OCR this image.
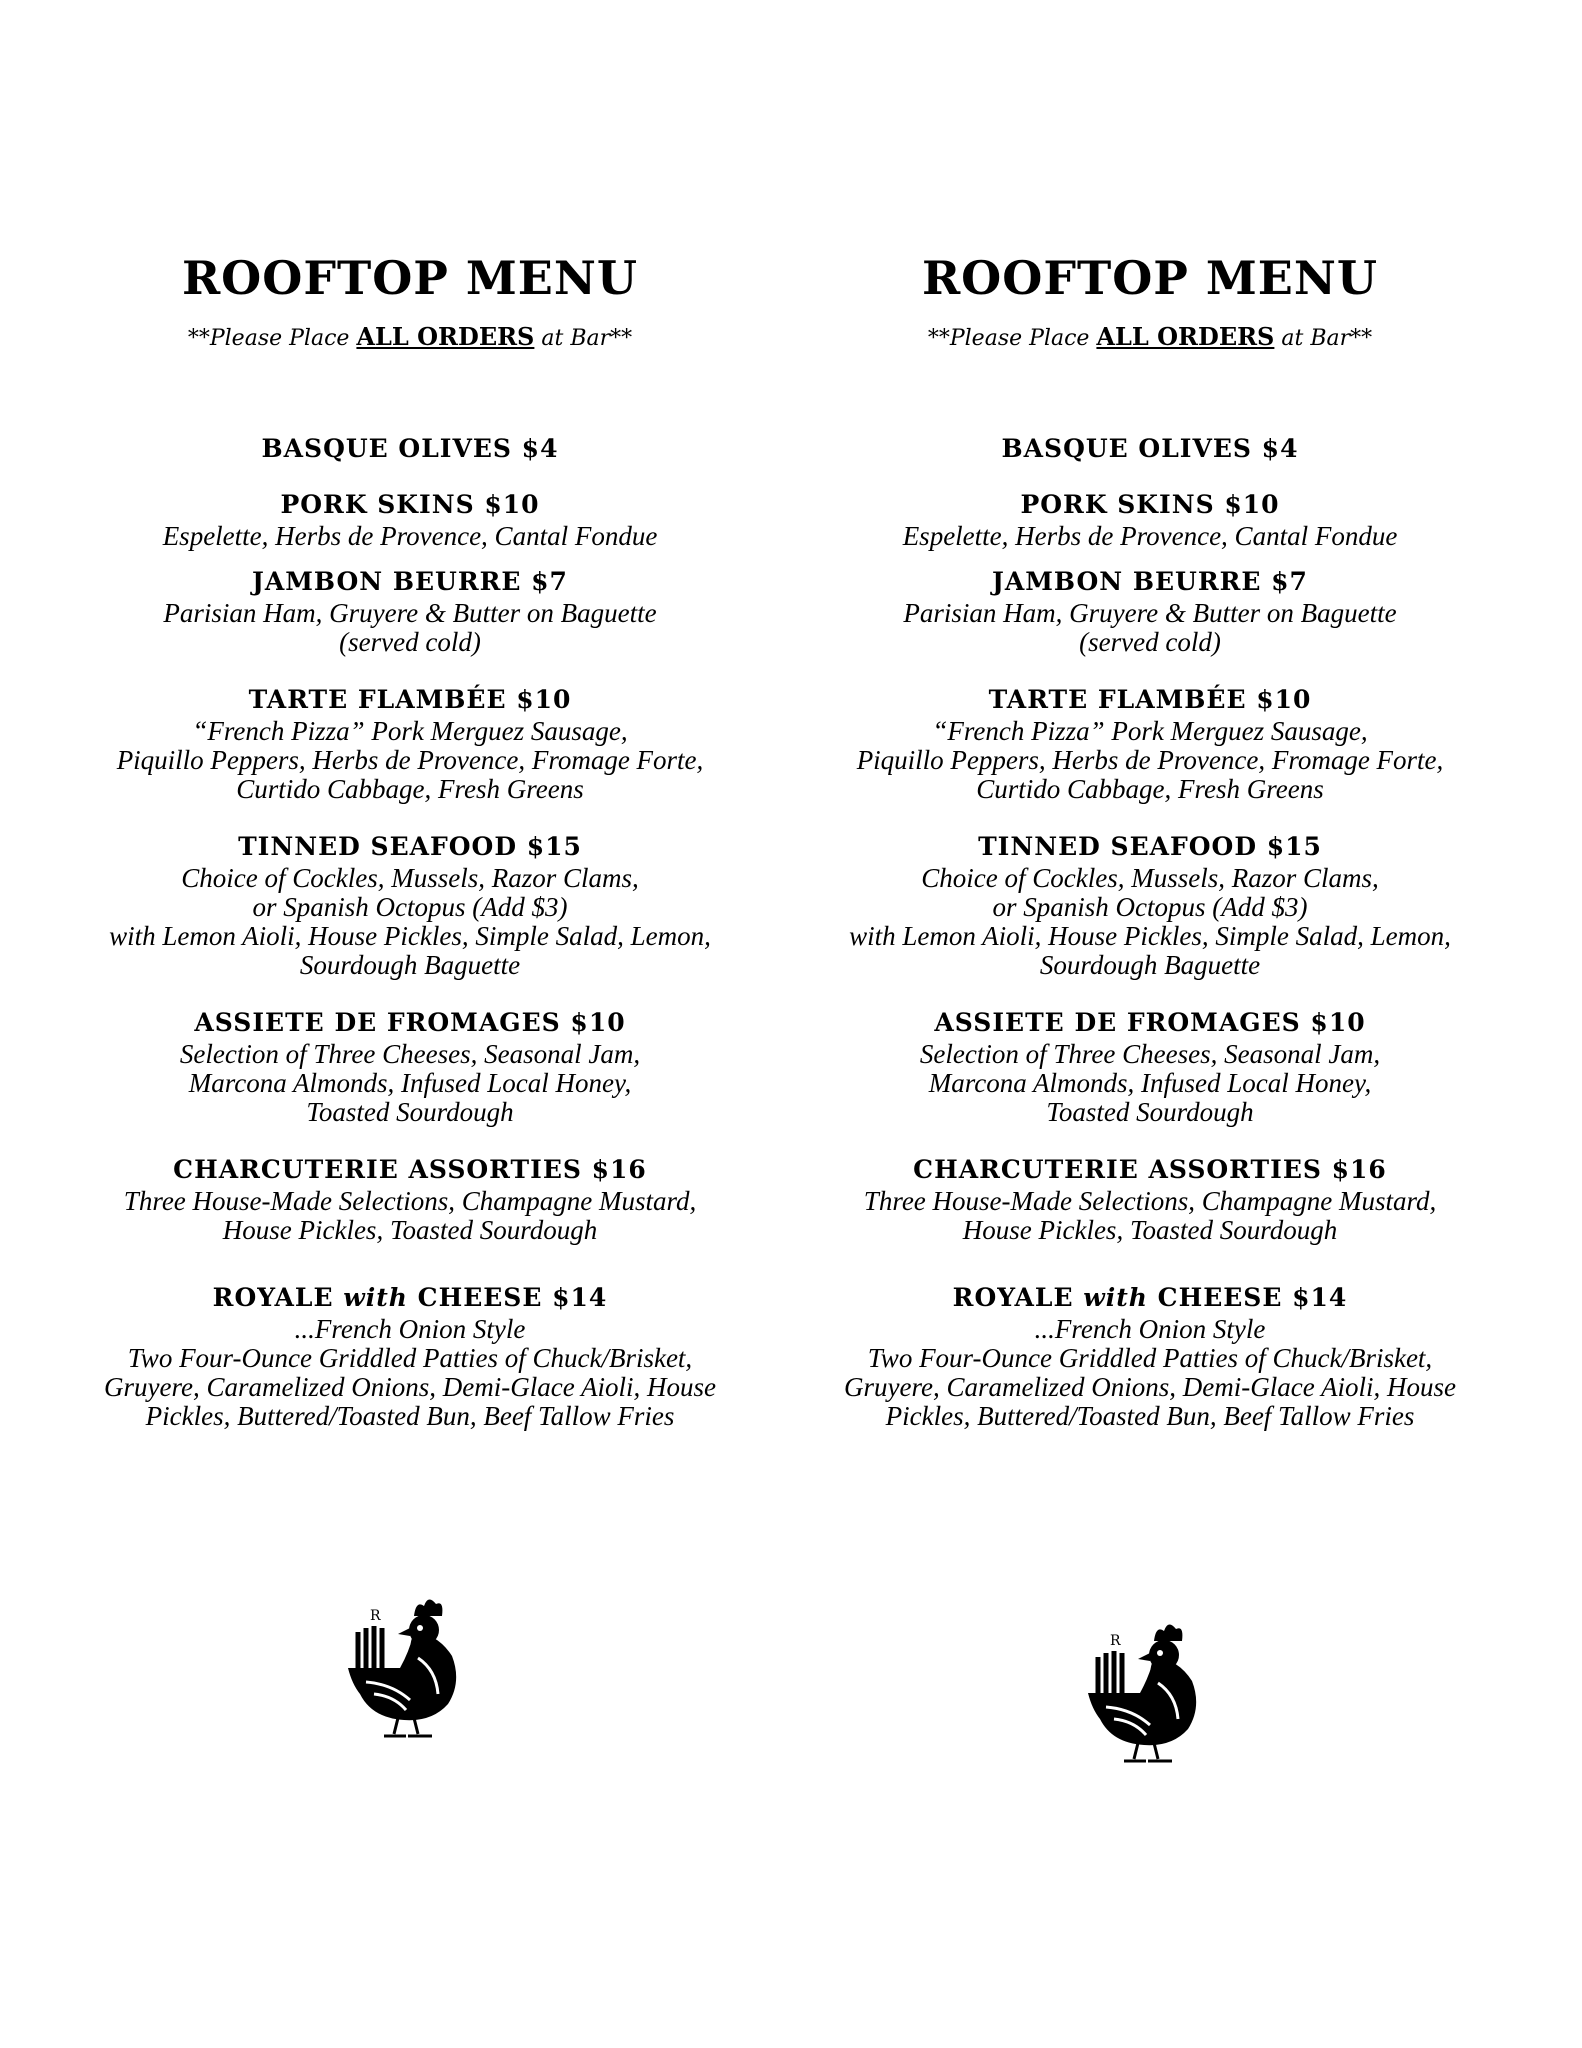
ROOFTOP MENU
**Please Place ALL ORDERS at Bar**
BASQUE OLIVES $4
PORK SKINS $10
Espelette, Herbs de Provence, Cantal Fondue
JAMBON BEURRE $7
Parisian Ham, Gruyere & Butter on Baguette
(served cold)
TARTE FLAMBÉE $10
“French Pizza” Pork Merguez Sausage,
Piquillo Peppers, Herbs de Provence, Fromage Forte,
Curtido Cabbage, Fresh Greens
TINNED SEAFOOD $15
Choice of Cockles, Mussels, Razor Clams,
or Spanish Octopus (Add $3)
with Lemon Aioli, House Pickles, Simple Salad, Lemon,
Sourdough Baguette
ASSIETE DE FROMAGES $10
Selection of Three Cheeses, Seasonal Jam,
Marcona Almonds, Infused Local Honey,
Toasted Sourdough
CHARCUTERIE ASSORTIES $16
Three House-Made Selections, Champagne Mustard,
House Pickles, Toasted Sourdough
ROYALE with CHEESE $14
...French Onion Style
Two Four-Ounce Griddled Patties of Chuck/Brisket,
Gruyere, Caramelized Onions, Demi-Glace Aioli, House
Pickles, Buttered/Toasted Bun, Beef Tallow Fries
R
ROOFTOP MENU
**Please Place ALL ORDERS at Bar**
BASQUE OLIVES $4
PORK SKINS $10
Espelette, Herbs de Provence, Cantal Fondue
JAMBON BEURRE $7
Parisian Ham, Gruyere & Butter on Baguette
(served cold)
TARTE FLAMBÉE $10
“French Pizza” Pork Merguez Sausage,
Piquillo Peppers, Herbs de Provence, Fromage Forte,
Curtido Cabbage, Fresh Greens
TINNED SEAFOOD $15
Choice of Cockles, Mussels, Razor Clams,
or Spanish Octopus (Add $3)
with Lemon Aioli, House Pickles, Simple Salad, Lemon,
Sourdough Baguette
ASSIETE DE FROMAGES $10
Selection of Three Cheeses, Seasonal Jam,
Marcona Almonds, Infused Local Honey,
Toasted Sourdough
CHARCUTERIE ASSORTIES $16
Three House-Made Selections, Champagne Mustard,
House Pickles, Toasted Sourdough
ROYALE with CHEESE $14
...French Onion Style
Two Four-Ounce Griddled Patties of Chuck/Brisket,
Gruyere, Caramelized Onions, Demi-Glace Aioli, House
Pickles, Buttered/Toasted Bun, Beef Tallow Fries
R
